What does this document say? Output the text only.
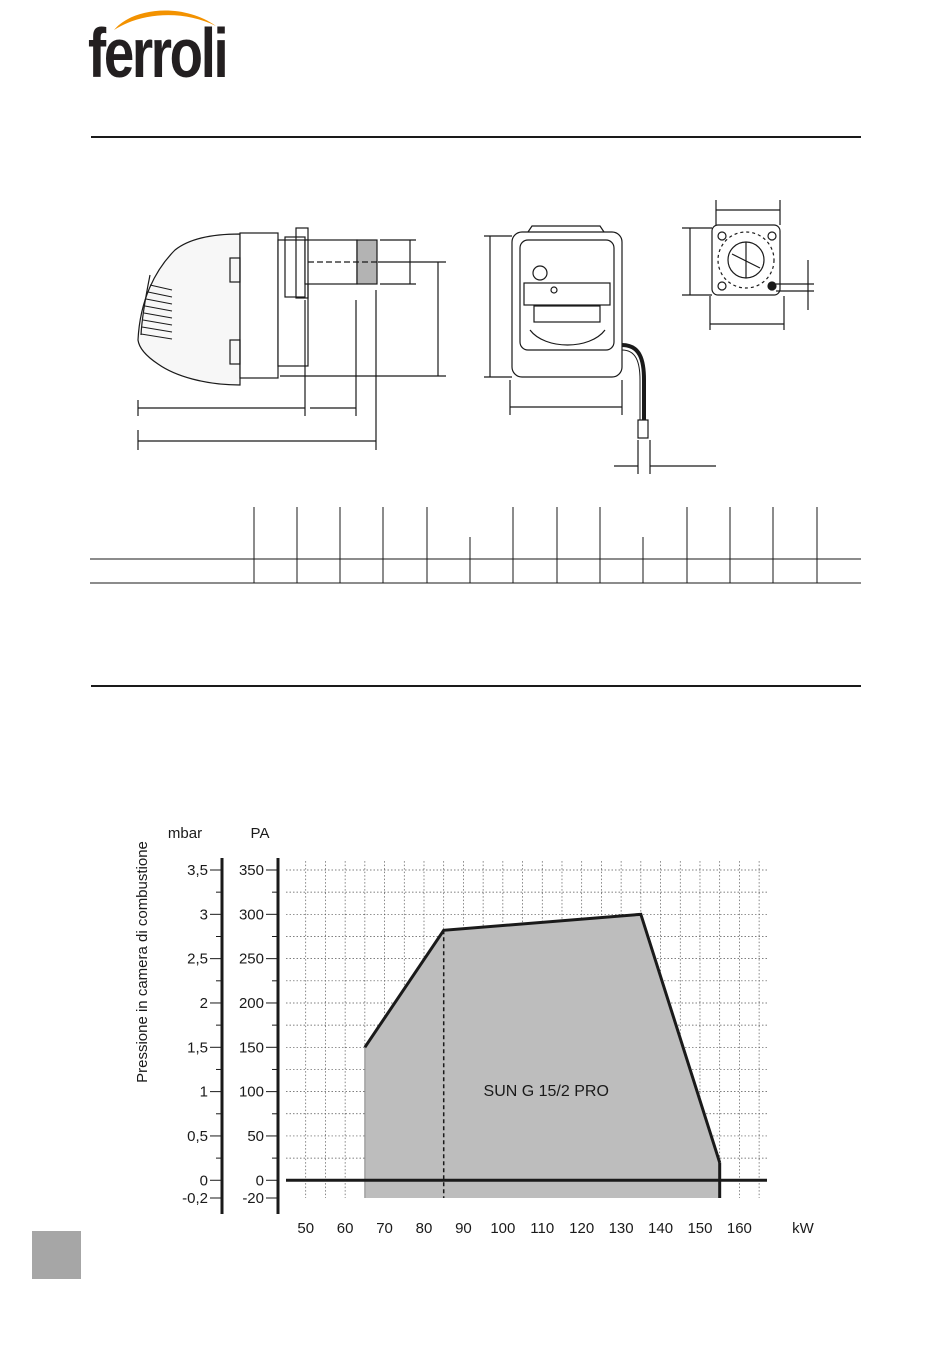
ferroli
SUN G 15/2 PRO
3,5 350
3 300
2,5 250
2 200
1,5 150
1 100
0,5	50
0	0
-0,2 -20
mbar	PA
Pressione in camera di combustione
50 60 70 80 90 100 110 120 130 140 150 160	kW
